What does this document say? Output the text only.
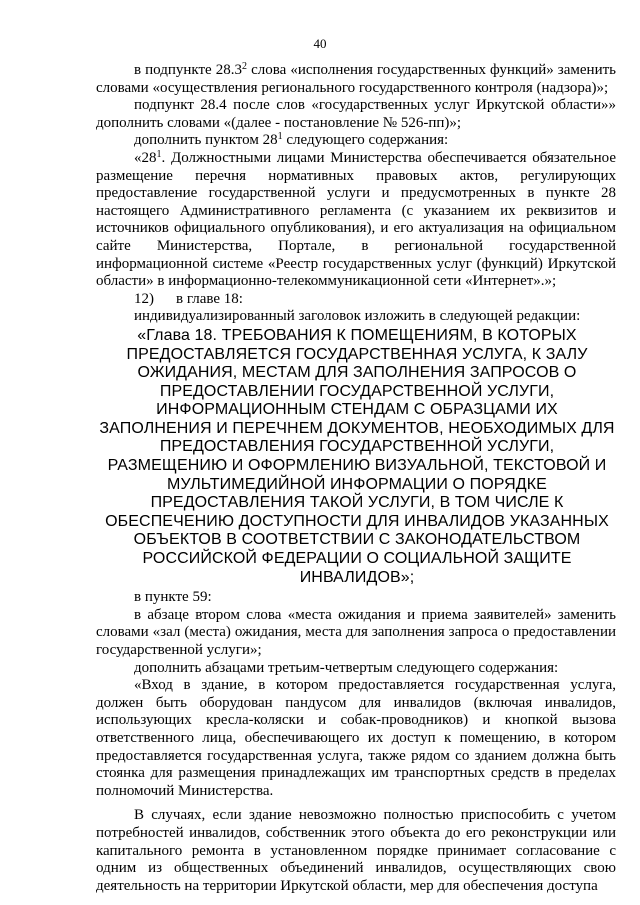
40

в подпункте 28.3$^2$ слова «исполнения государственных функций» заменить словами «осуществления регионального государственного контроля (надзора)»;

подпункт 28.4 после слов «государственных услуг Иркутской области»» дополнить словами «(далее - постановление № 526-пп)»;

дополнить пунктом $28^1$ следующего содержания:

«$28^1$. Должностными лицами Министерства обеспечивается обязательное размещение перечня нормативных правовых актов, регулирующих предоставление государственной услуги и предусмотренных в пункте 28 настоящего Административного регламента (с указанием их реквизитов и источников официального опубликования), и его актуализация на официальном сайте Министерства, Портале, в региональной государственной информационной системе «Реестр государственных услуг (функций) Иркутской области» в информационно-телекоммуникационной сети «Интернет».»;

12)	в главе 18:

индивидуализированный заголовок изложить в следующей редакции:

«Глава 18. ТРЕБОВАНИЯ К ПОМЕЩЕНИЯМ, В КОТОРЫХ ПРЕДОСТАВЛЯЕТСЯ ГОСУДАРСТВЕННАЯ УСЛУГА, К ЗАЛУ ОЖИДАНИЯ, МЕСТАМ ДЛЯ ЗАПОЛНЕНИЯ ЗАПРОСОВ О ПРЕДОСТАВЛЕНИИ ГОСУДАРСТВЕННОЙ УСЛУГИ, ИНФОРМАЦИОННЫМ СТЕНДАМ С ОБРАЗЦАМИ ИХ ЗАПОЛНЕНИЯ И ПЕРЕЧНЕМ ДОКУМЕНТОВ, НЕОБХОДИМЫХ ДЛЯ ПРЕДОСТАВЛЕНИЯ ГОСУДАРСТВЕННОЙ УСЛУГИ, РАЗМЕЩЕНИЮ И ОФОРМЛЕНИЮ ВИЗУАЛЬНОЙ, ТЕКСТОВОЙ И МУЛЬТИМЕДИЙНОЙ ИНФОРМАЦИИ О ПОРЯДКЕ ПРЕДОСТАВЛЕНИЯ ТАКОЙ УСЛУГИ, В ТОМ ЧИСЛЕ К ОБЕСПЕЧЕНИЮ ДОСТУПНОСТИ ДЛЯ ИНВАЛИДОВ УКАЗАННЫХ ОБЪЕКТОВ В СООТВЕТСТВИИ С ЗАКОНОДАТЕЛЬСТВОМ РОССИЙСКОЙ ФЕДЕРАЦИИ О СОЦИАЛЬНОЙ ЗАЩИТЕ ИНВАЛИДОВ»;

в пункте 59:

в абзаце втором слова «места ожидания и приема заявителей» заменить словами «зал (места) ожидания, места для заполнения запроса о предоставлении государственной услуги»;

дополнить абзацами третьим-четвертым следующего содержания:

«Вход в здание, в котором предоставляется государственная услуга, должен быть оборудован пандусом для инвалидов (включая инвалидов, использующих кресла-коляски и собак-проводников) и кнопкой вызова ответственного лица, обеспечивающего их доступ к помещению, в котором предоставляется государственная услуга, также рядом со зданием должна быть стоянка для размещения принадлежащих им транспортных средств в пределах полномочий Министерства.

В случаях, если здание невозможно полностью приспособить с учетом потребностей инвалидов, собственник этого объекта до его реконструкции или капитального ремонта в установленном порядке принимает согласование с одним из общественных объединений инвалидов, осуществляющих свою деятельность на территории Иркутской области, мер для обеспечения доступа
